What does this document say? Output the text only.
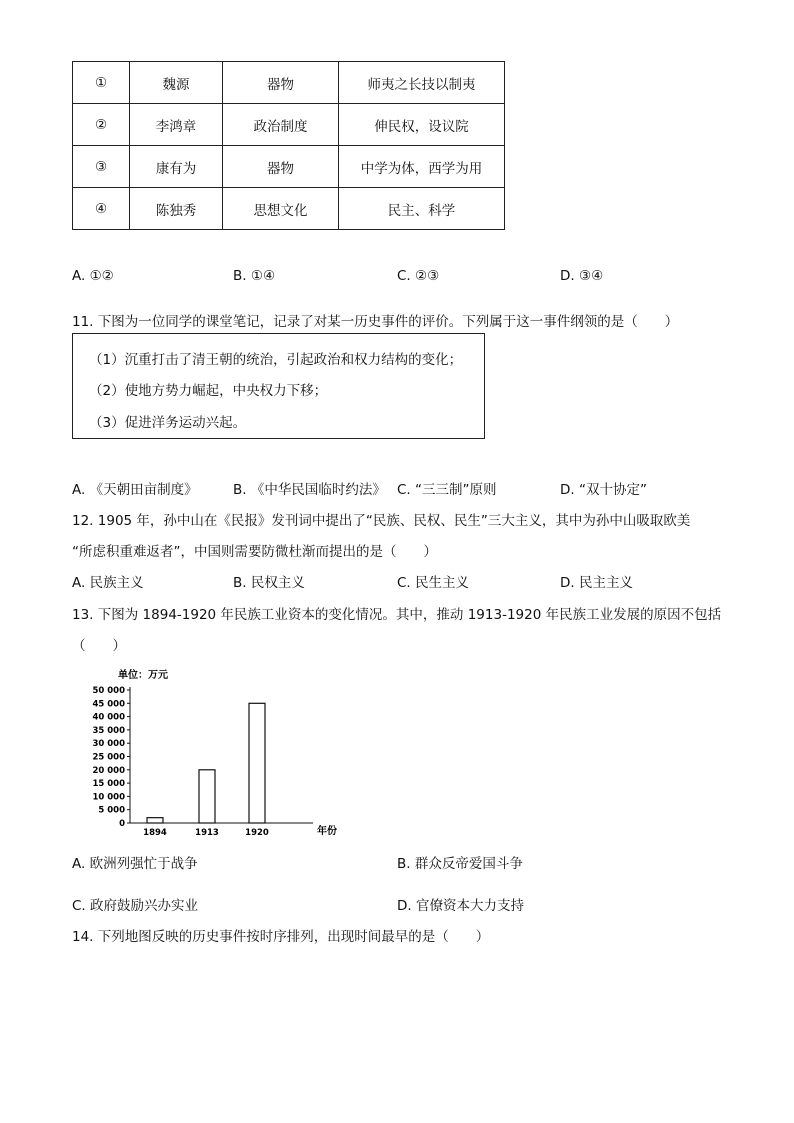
①	魏源	器物	师夷之长技以制夷
②	李鸿章	政治制度	伸民权，设议院
③	康有为	器物	中学为体，西学为用
④	陈独秀	思想文化	民主、科学
A. ①②	B. ①④	C. ②③	D. ③④
11. 下图为一位同学的课堂笔记，记录了对某一历史事件的评价。下列属于这一事件纲领的是（　　）
（1）沉重打击了清王朝的统治，引起政治和权力结构的变化；
（2）使地方势力崛起，中央权力下移；
（3）促进洋务运动兴起。
A. 《天朝田亩制度》	B. 《中华民国临时约法》 C. “三三制”原则	D. “双十协定”
12. 1905 年，孙中山在《民报》发刊词中提出了“民族、民权、民生”三大主义，其中为孙中山吸取欧美
“所虑积重难返者”，中国则需要防微杜渐而提出的是（　　）
A. 民族主义	B. 民权主义	C. 民生主义	D. 民主主义
13. 下图为 1894-1920 年民族工业资本的变化情况。其中，推动 1913-1920 年民族工业发展的原因不包括
（　　）
单位：万元
0
5 000
10 000
15 000
20 000
25 000
30 000
35 000
40 000
45 000
50 000
1894	1913	1920	年份
A. 欧洲列强忙于战争	B. 群众反帝爱国斗争
C. 政府鼓励兴办实业	D. 官僚资本大力支持
14. 下列地图反映的历史事件按时序排列，出现时间最早的是（　　）
